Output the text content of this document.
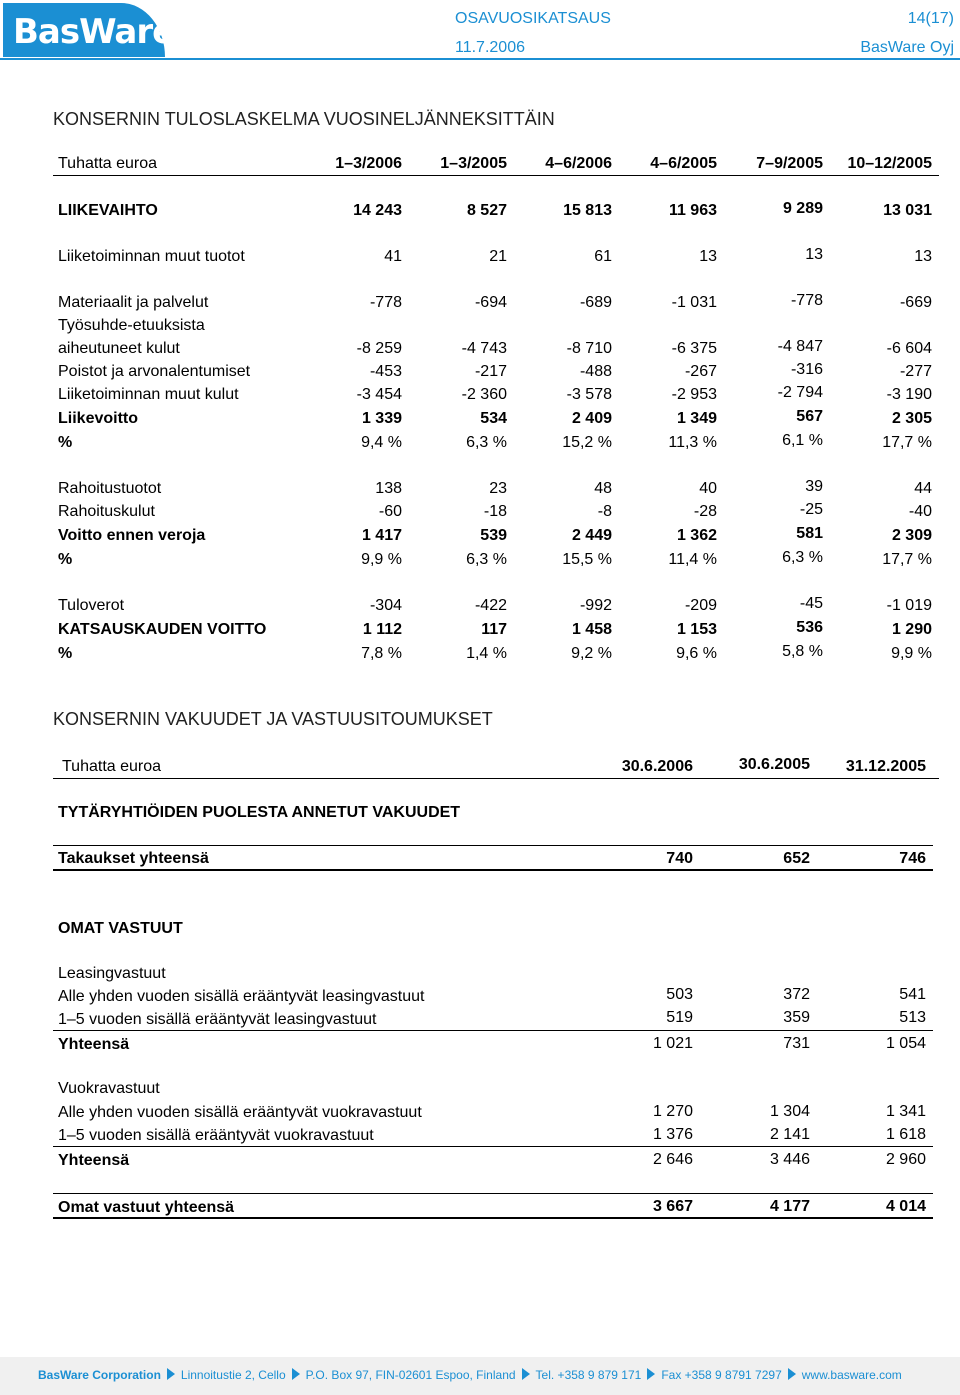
BasWare	OSAVUOSIKATSAUS
11.7.2006
14(17)
BasWare Oyj
KONSERNIN TULOSLASKELMA VUOSINELJÄNNEKSITTÄIN
Tuhatta euroa	1–3/2006	1–3/2005	4–6/2006	4–6/2005	7–9/2005	10–12/2005
LIIKEVAIHTO	14 243	8 527	15 813	11 963	9 289	13 031
Liiketoiminnan muut tuotot	41	21	61	13	13	13
Materiaalit ja palvelut	-778	-694	-689	-1 031	-778	-669
Työsuhde-etuuksista
aiheutuneet kulut	-8 259	-4 743	-8 710	-6 375	-4 847	-6 604
Poistot ja arvonalentumiset	-453	-217	-488	-267	-316	-277
Liiketoiminnan muut kulut	-3 454	-2 360	-3 578	-2 953	-2 794	-3 190
Liikevoitto	1 339	534	2 409	1 349	567	2 305
%	9,4 %	6,3 %	15,2 %	11,3 %	6,1 %	17,7 %
Rahoitustuotot	138	23	48	40	39	44
Rahoituskulut	-60	-18	-8	-28	-25	-40
Voitto ennen veroja	1 417	539	2 449	1 362	581	2 309
%	9,9 %	6,3 %	15,5 %	11,4 %	6,3 %	17,7 %
Tuloverot	-304	-422	-992	-209	-45	-1 019
KATSAUSKAUDEN VOITTO	1 112	117	1 458	1 153	536	1 290
%	7,8 %	1,4 %	9,2 %	9,6 %	5,8 %	9,9 %
KONSERNIN VAKUUDET JA VASTUUSITOUMUKSET
Tuhatta euroa	30.6.2006	30.6.2005	31.12.2005
TYTÄRYHTIÖIDEN PUOLESTA ANNETUT VAKUUDET
Takaukset yhteensä	740	652	746
OMAT VASTUUT
Leasingvastuut
Alle yhden vuoden sisällä erääntyvät leasingvastuut	503	372	541
1–5 vuoden sisällä erääntyvät leasingvastuut	519	359	513
Yhteensä	1 021	731	1 054
Vuokravastuut
Alle yhden vuoden sisällä erääntyvät vuokravastuut	1 270	1 304	1 341
1–5 vuoden sisällä erääntyvät vuokravastuut	1 376	2 141	1 618
Yhteensä	2 646	3 446	2 960
Omat vastuut yhteensä	3 667	4 177	4 014
BasWare Corporation Linnoitustie 2, Cello P.O. Box 97, FIN-02601 Espoo, Finland Tel. +358 9 879 171 Fax +358 9 8791 7297 www.basware.com
